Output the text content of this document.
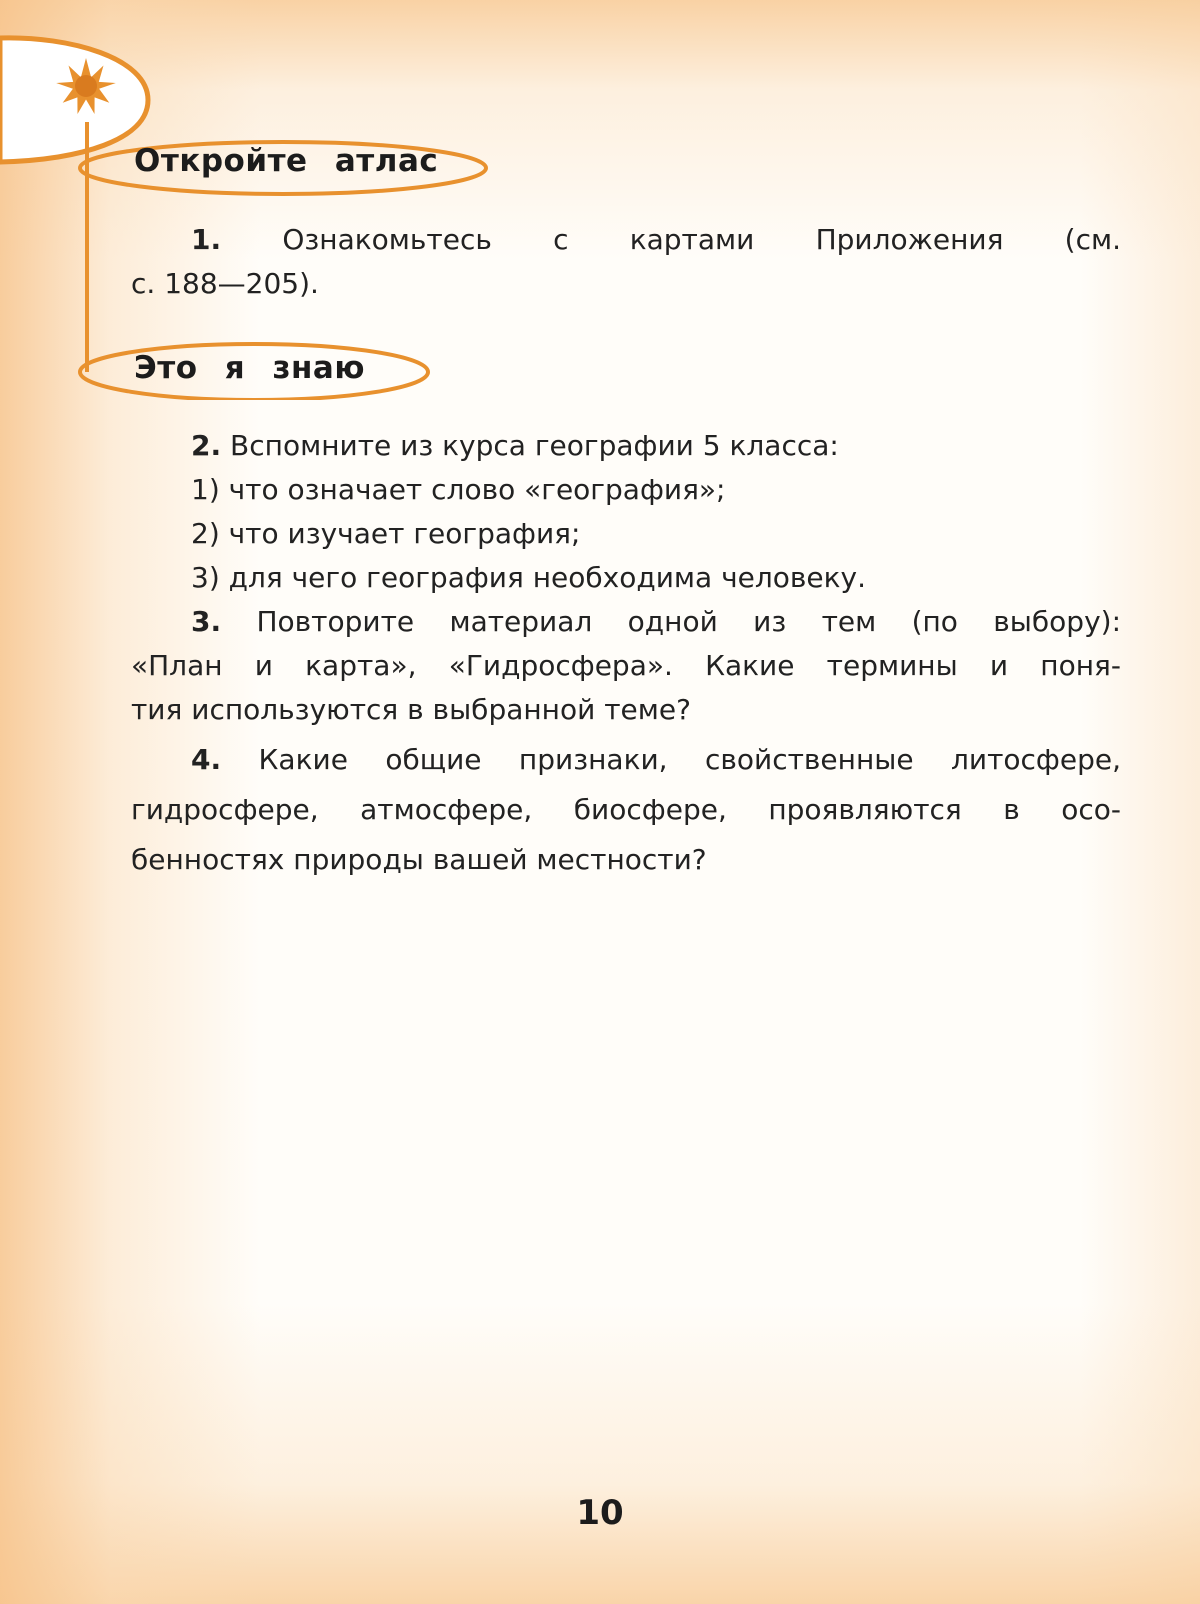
Откройте атлас
1. Ознакомьтесь с картами Приложения (см.
с. 188—205).
Это я знаю
2. Вспомните из курса географии 5 класса:
1) что означает слово «география»;
2) что изучает география;
3) для чего география необходима человеку.
3. Повторите материал одной из тем (по выбору):
«План и карта», «Гидросфера». Какие термины и поня-
тия используются в выбранной теме?
4. Какие общие признаки, свойственные литосфере,
гидросфере, атмосфере, биосфере, проявляются в осо-
бенностях природы вашей местности?
10
